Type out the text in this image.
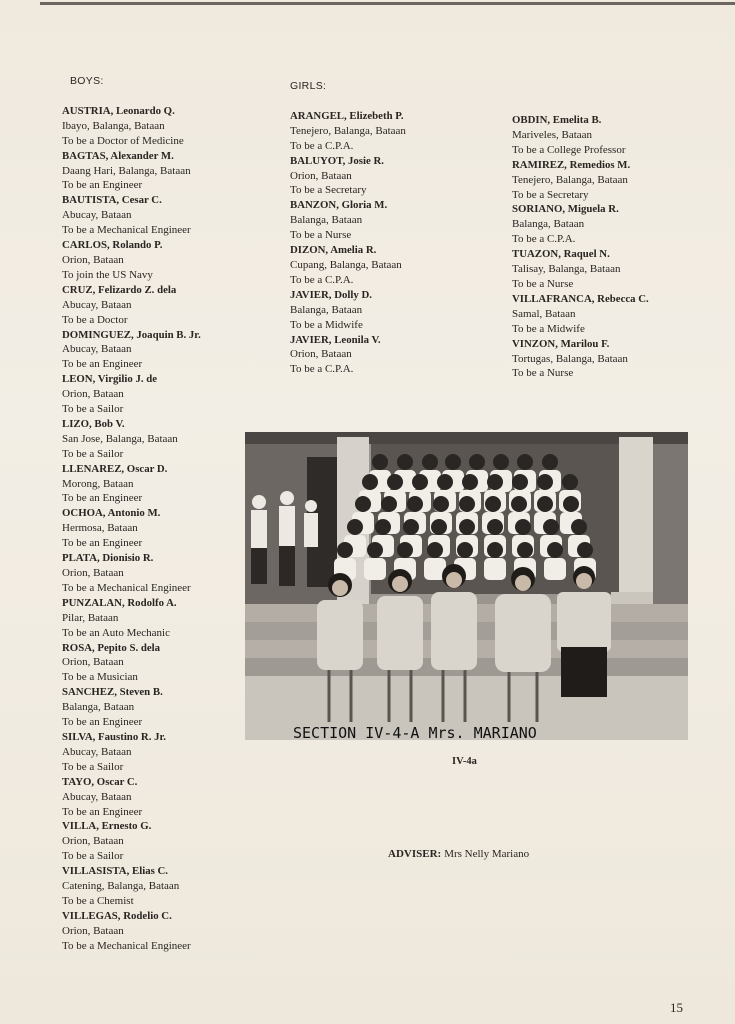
BOYS:
AUSTRIA, Leonardo Q.
Ibayo, Balanga, Bataan
To be a Doctor of Medicine
BAGTAS, Alexander M.
Daang Hari, Balanga, Bataan
To be an Engineer
BAUTISTA, Cesar C.
Abucay, Bataan
To be a Mechanical Engineer
CARLOS, Rolando P.
Orion, Bataan
To join the US Navy
CRUZ, Felizardo Z. dela
Abucay, Bataan
To be a Doctor
DOMINGUEZ, Joaquin B. Jr.
Abucay, Bataan
To be an Engineer
LEON, Virgilio J. de
Orion, Bataan
To be a Sailor
LIZO, Bob V.
San Jose, Balanga, Bataan
To be a Sailor
LLENAREZ, Oscar D.
Morong, Bataan
To be an Engineer
OCHOA, Antonio M.
Hermosa, Bataan
To be an Engineer
PLATA, Dionisio R.
Orion, Bataan
To be a Mechanical Engineer
PUNZALAN, Rodolfo A.
Pilar, Bataan
To be an Auto Mechanic
ROSA, Pepito S. dela
Orion, Bataan
To be a Musician
SANCHEZ, Steven B.
Balanga, Bataan
To be an Engineer
SILVA, Faustino R. Jr.
Abucay, Bataan
To be a Sailor
TAYO, Oscar C.
Abucay, Bataan
To be an Engineer
VILLA, Ernesto G.
Orion, Bataan
To be a Sailor
VILLASISTA, Elias C.
Catening, Balanga, Bataan
To be a Chemist
VILLEGAS, Rodelio C.
Orion, Bataan
To be a Mechanical Engineer
GIRLS:
ARANGEL, Elizebeth P.
Tenejero, Balanga, Bataan
To be a C.P.A.
BALUYOT, Josie R.
Orion, Bataan
To be a Secretary
BANZON, Gloria M.
Balanga, Bataan
To be a Nurse
DIZON, Amelia R.
Cupang, Balanga, Bataan
To be a C.P.A.
JAVIER, Dolly D.
Balanga, Bataan
To be a Midwife
JAVIER, Leonila V.
Orion, Bataan
To be a C.P.A.
OBDIN, Emelita B.
Mariveles, Bataan
To be a College Professor
RAMIREZ, Remedios M.
Tenejero, Balanga, Bataan
To be a Secretary
SORIANO, Miguela R.
Balanga, Bataan
To be a C.P.A.
TUAZON, Raquel N.
Talisay, Balanga, Bataan
To be a Nurse
VILLAFRANCA, Rebecca C.
Samal, Bataan
To be a Midwife
VINZON, Marilou F.
Tortugas, Balanga, Bataan
To be a Nurse
SECTION IV-4-A Mrs. MARIANO
IV-4a
ADVISER: Mrs Nelly Mariano
15
